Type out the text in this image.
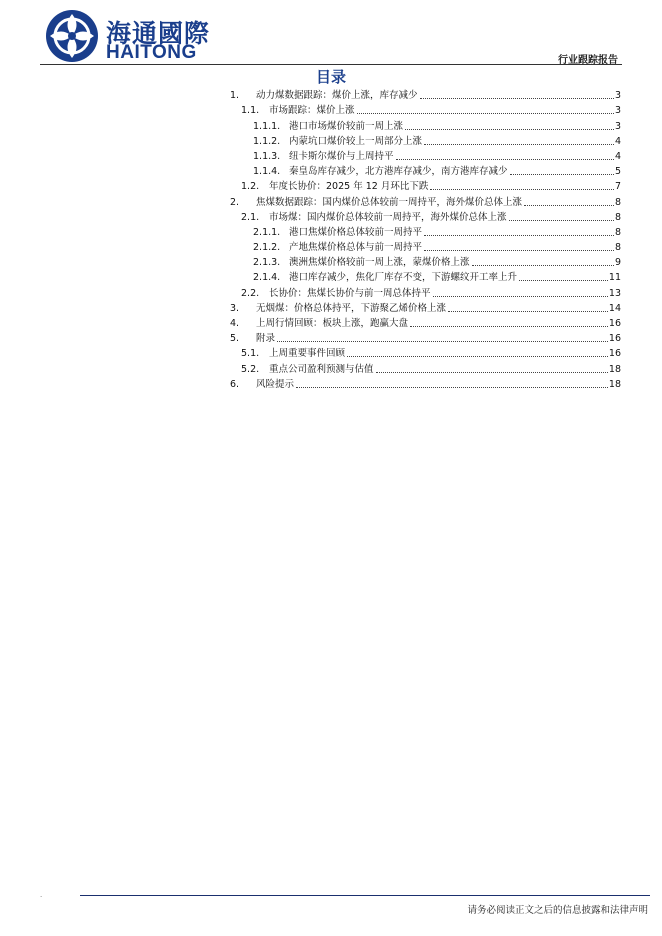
海通國際
HAITONG	行业跟踪报告
目录
1.	动力煤数据跟踪：煤价上涨，库存减少	3
1.1.	市场跟踪：煤价上涨	3
1.1.1. 港口市场煤价较前一周上涨	3
1.1.2. 内蒙坑口煤价较上一周部分上涨	4
1.1.3. 纽卡斯尔煤价与上周持平	4
1.1.4. 秦皇岛库存减少，北方港库存减少，南方港库存减少	5
1.2.	年度长协价：2025 年 12 月环比下跌	7
2.	焦煤数据跟踪：国内煤价总体较前一周持平，海外煤价总体上涨	8
2.1.	市场煤：国内煤价总体较前一周持平，海外煤价总体上涨	8
2.1.1. 港口焦煤价格总体较前一周持平	8
2.1.2. 产地焦煤价格总体与前一周持平	8
2.1.3. 澳洲焦煤价格较前一周上涨，蒙煤价格上涨	9
2.1.4. 港口库存减少，焦化厂库存不变，下游螺纹开工率上升	11
2.2.	长协价：焦煤长协价与前一周总体持平	13
3.	无烟煤：价格总体持平，下游聚乙烯价格上涨	14
4.	上周行情回顾：板块上涨，跑赢大盘	16
5.	附录	16
5.1.	上周重要事件回顾	16
5.2.	重点公司盈利预测与估值	18
6.	风险提示	18
·
请务必阅读正文之后的信息披露和法律声明
